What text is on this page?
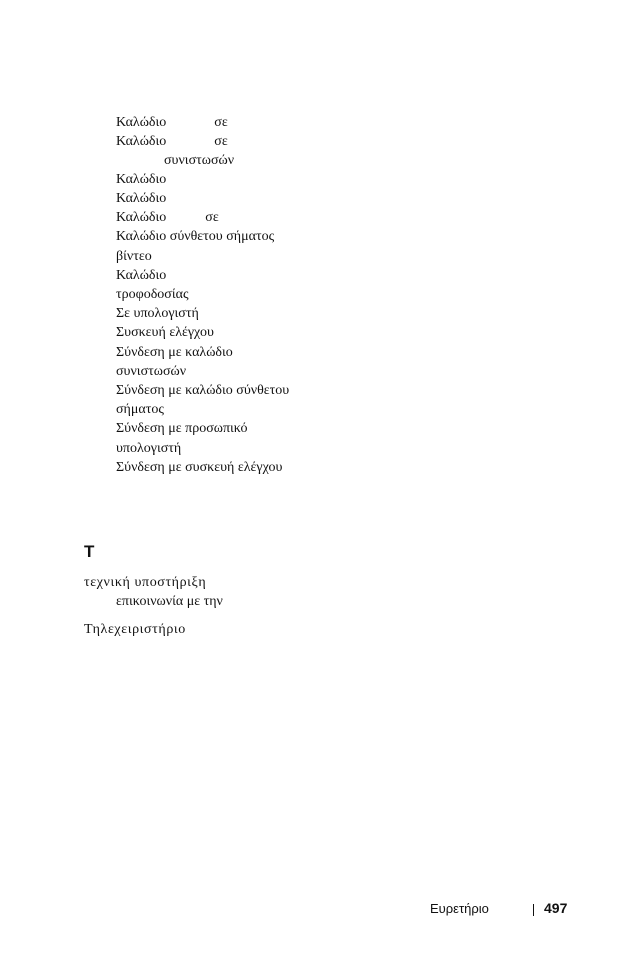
Καλώδιο	σε
Καλώδιο	σε
συνιστωσών
Καλώδιο
Καλώδιο
Καλώδιο	σε
Καλώδιο σύνθετου σήματος
βίντεο
Καλώδιο
τροφοδοσίας
Σε υπολογιστή
Συσκευή ελέγχου
Σύνδεση με καλώδιο
συνιστωσών
Σύνδεση με καλώδιο σύνθετου
σήματος
Σύνδεση με προσωπικό
υπολογιστή
Σύνδεση με συσκευή ελέγχου
T
τεχνική υποστήριξη
επικοινωνία με την
Τηλεχειριστήριο
Ευρετήριο	497
